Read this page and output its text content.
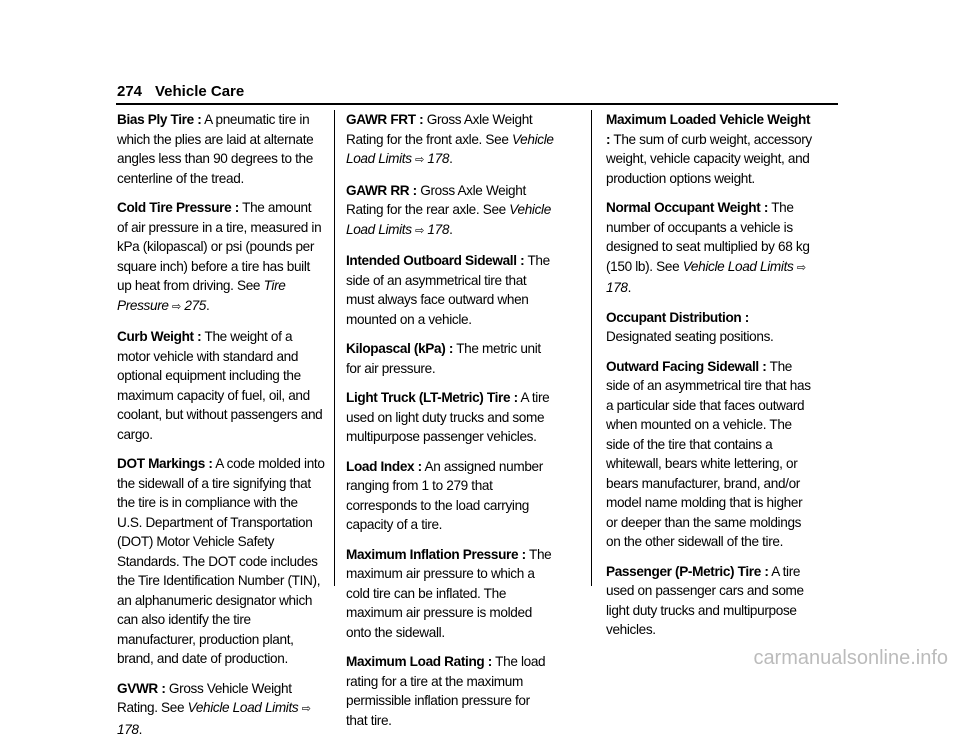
274 Vehicle Care

Bias Ply Tire : A pneumatic tire in which the plies are laid at alternate angles less than 90 degrees to the centerline of the tread.

Cold Tire Pressure : The amount of air pressure in a tire, measured in kPa (kilopascal) or psi (pounds per square inch) before a tire has built up heat from driving. See Tire Pressure ⇨ 275.

Curb Weight : The weight of a motor vehicle with standard and optional equipment including the maximum capacity of fuel, oil, and coolant, but without passengers and cargo.

DOT Markings : A code molded into the sidewall of a tire signifying that the tire is in compliance with the U.S. Department of Transportation (DOT) Motor Vehicle Safety Standards. The DOT code includes the Tire Identification Number (TIN), an alphanumeric designator which can also identify the tire manufacturer, production plant, brand, and date of production.

GVWR : Gross Vehicle Weight Rating. See Vehicle Load Limits ⇨ 178.

GAWR FRT : Gross Axle Weight Rating for the front axle. See Vehicle Load Limits ⇨ 178.

GAWR RR : Gross Axle Weight Rating for the rear axle. See Vehicle Load Limits ⇨ 178.

Intended Outboard Sidewall : The side of an asymmetrical tire that must always face outward when mounted on a vehicle.

Kilopascal (kPa) : The metric unit for air pressure.

Light Truck (LT-Metric) Tire : A tire used on light duty trucks and some multipurpose passenger vehicles.

Load Index : An assigned number ranging from 1 to 279 that corresponds to the load carrying capacity of a tire.

Maximum Inflation Pressure : The maximum air pressure to which a cold tire can be inflated. The maximum air pressure is molded onto the sidewall.

Maximum Load Rating : The load rating for a tire at the maximum permissible inflation pressure for that tire.

Maximum Loaded Vehicle Weight : The sum of curb weight, accessory weight, vehicle capacity weight, and production options weight.

Normal Occupant Weight : The number of occupants a vehicle is designed to seat multiplied by 68 kg (150 lb). See Vehicle Load Limits ⇨ 178.

Occupant Distribution : Designated seating positions.

Outward Facing Sidewall : The side of an asymmetrical tire that has a particular side that faces outward when mounted on a vehicle. The side of the tire that contains a whitewall, bears white lettering, or bears manufacturer, brand, and/or model name molding that is higher or deeper than the same moldings on the other sidewall of the tire.

Passenger (P-Metric) Tire : A tire used on passenger cars and some light duty trucks and multipurpose vehicles.

carmanualsonline.info
